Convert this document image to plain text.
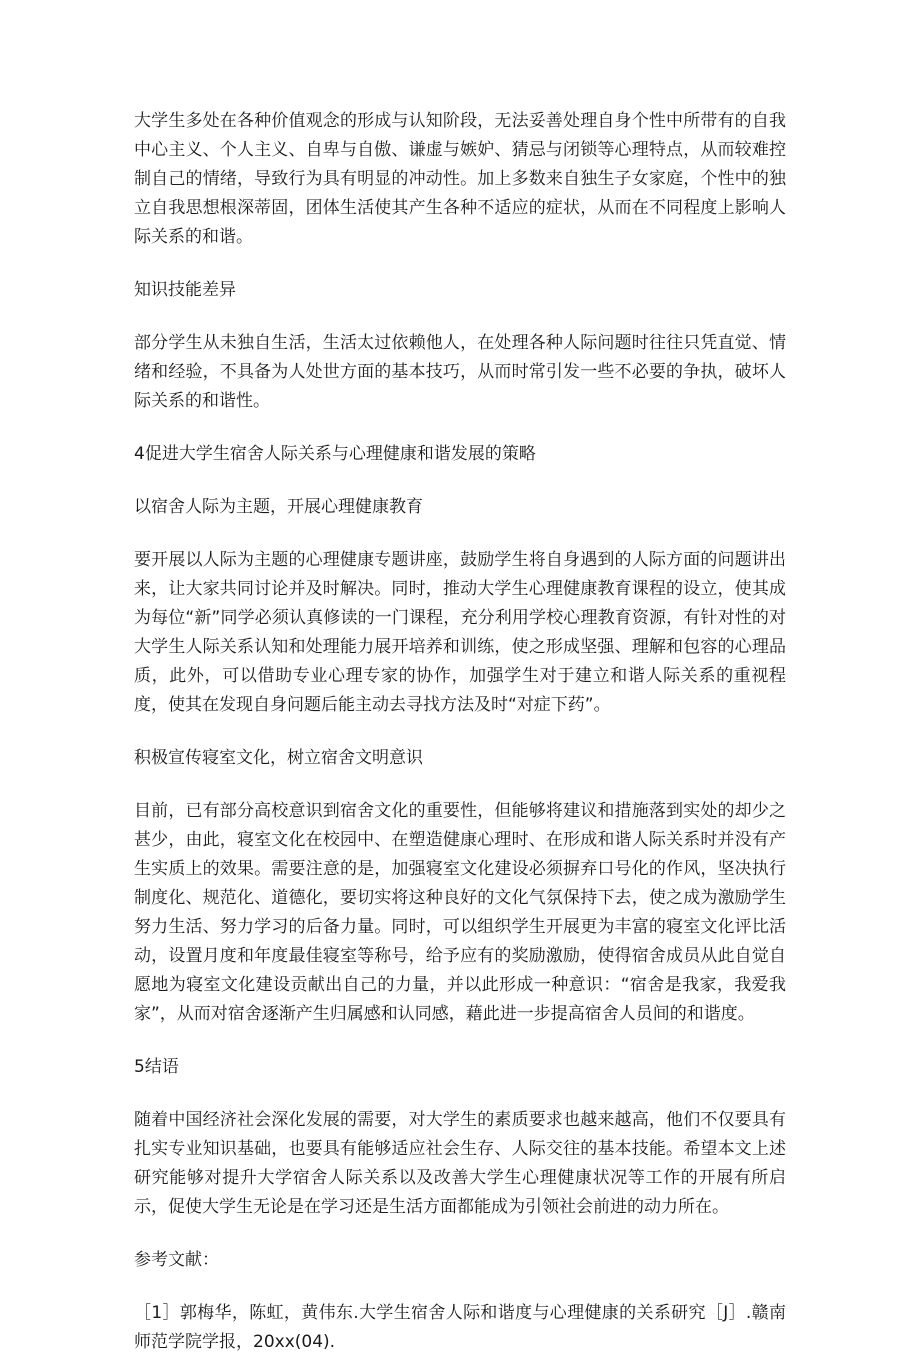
大学生多处在各种价值观念的形成与认知阶段，无法妥善处理自身个性中所带有的自我中心主义、个人主义、自卑与自傲、谦虚与嫉妒、猜忌与闭锁等心理特点，从而较难控制自己的情绪，导致行为具有明显的冲动性。加上多数来自独生子女家庭，个性中的独立自我思想根深蒂固，团体生活使其产生各种不适应的症状，从而在不同程度上影响人际关系的和谐。

知识技能差异

部分学生从未独自生活，生活太过依赖他人，在处理各种人际问题时往往只凭直觉、情绪和经验，不具备为人处世方面的基本技巧，从而时常引发一些不必要的争执，破坏人际关系的和谐性。

4促进大学生宿舍人际关系与心理健康和谐发展的策略

以宿舍人际为主题，开展心理健康教育

要开展以人际为主题的心理健康专题讲座，鼓励学生将自身遇到的人际方面的问题讲出来，让大家共同讨论并及时解决。同时，推动大学生心理健康教育课程的设立，使其成为每位“新”同学必须认真修读的一门课程，充分利用学校心理教育资源，有针对性的对大学生人际关系认知和处理能力展开培养和训练，使之形成坚强、理解和包容的心理品质，此外，可以借助专业心理专家的协作，加强学生对于建立和谐人际关系的重视程度，使其在发现自身问题后能主动去寻找方法及时“对症下药”。

积极宣传寝室文化，树立宿舍文明意识

目前，已有部分高校意识到宿舍文化的重要性，但能够将建议和措施落到实处的却少之甚少，由此，寝室文化在校园中、在塑造健康心理时、在形成和谐人际关系时并没有产生实质上的效果。需要注意的是，加强寝室文化建设必须摒弃口号化的作风，坚决执行制度化、规范化、道德化，要切实将这种良好的文化气氛保持下去，使之成为激励学生努力生活、努力学习的后备力量。同时，可以组织学生开展更为丰富的寝室文化评比活动，设置月度和年度最佳寝室等称号，给予应有的奖励激励，使得宿舍成员从此自觉自愿地为寝室文化建设贡献出自己的力量，并以此形成一种意识：“宿舍是我家，我爱我家”，从而对宿舍逐渐产生归属感和认同感，藉此进一步提高宿舍人员间的和谐度。

5结语

随着中国经济社会深化发展的需要，对大学生的素质要求也越来越高，他们不仅要具有扎实专业知识基础，也要具有能够适应社会生存、人际交往的基本技能。希望本文上述研究能够对提升大学宿舍人际关系以及改善大学生心理健康状况等工作的开展有所启示，促使大学生无论是在学习还是生活方面都能成为引领社会前进的动力所在。

参考文献：

［1］郭梅华，陈虹，黄伟东.大学生宿舍人际和谐度与心理健康的关系研究［J］.赣南师范学院学报，20xx(04).
